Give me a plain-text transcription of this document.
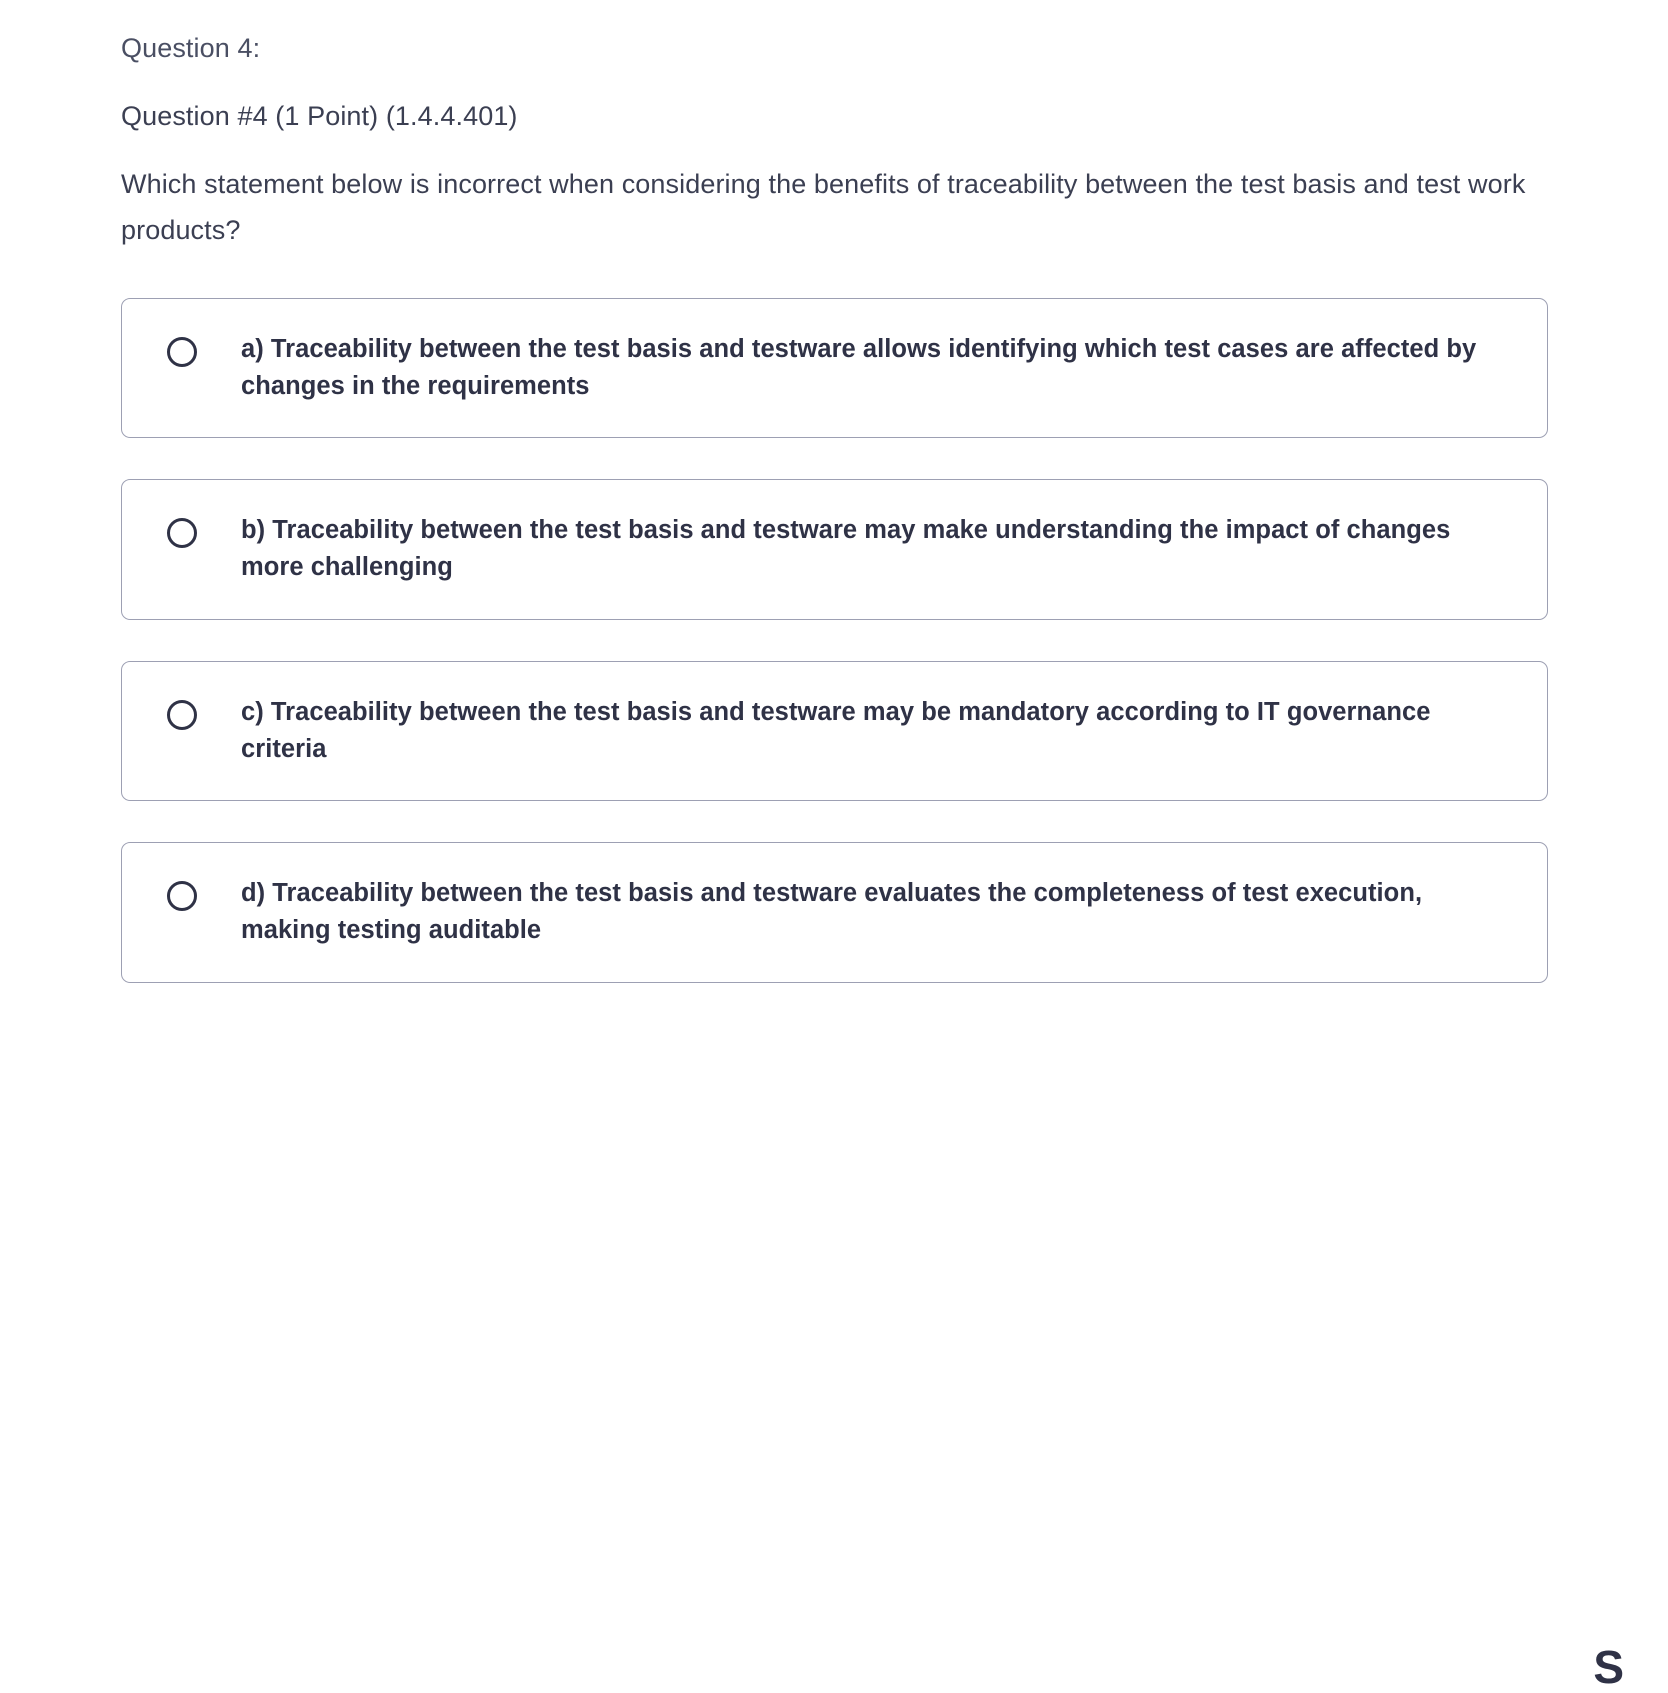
Question 4:
Question #4 (1 Point) (1.4.4.401)
Which statement below is incorrect when considering the benefits of traceability between the test basis and test work products?
a) Traceability between the test basis and testware allows identifying which test cases are affected by changes in the requirements
b) Traceability between the test basis and testware may make understanding the impact of changes more challenging
c) Traceability between the test basis and testware may be mandatory according to IT governance criteria
d) Traceability between the test basis and testware evaluates the completeness of test execution, making testing auditable
S
